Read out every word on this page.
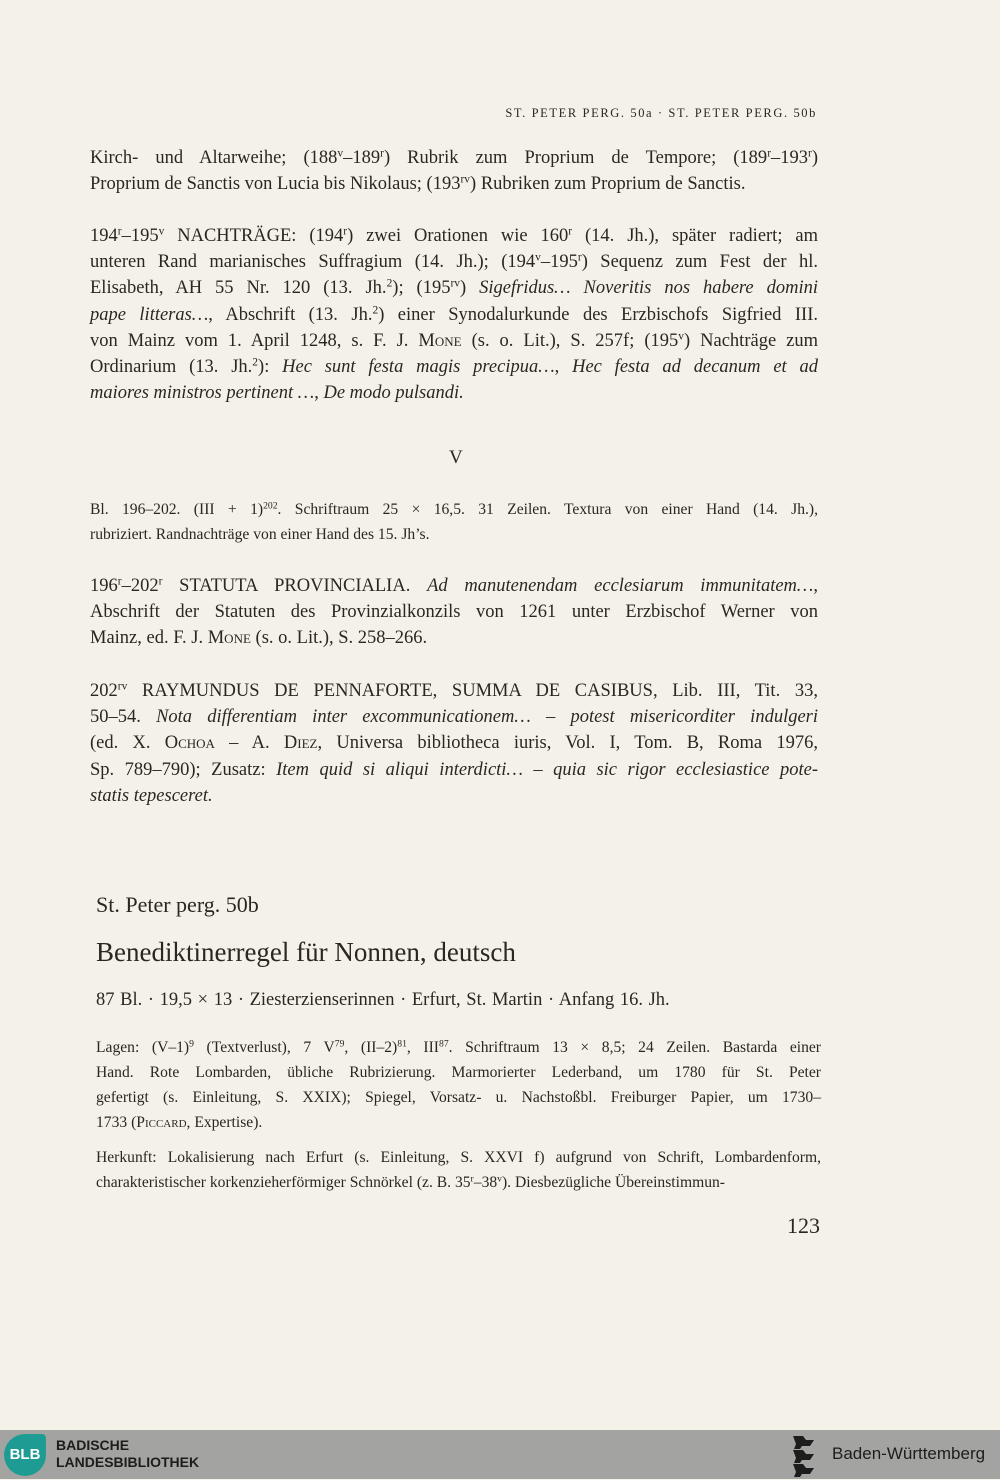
ST. PETER PERG. 50a · ST. PETER PERG. 50b
Kirch- und Altarweihe; (188$^v$–189$^r$) Rubrik zum Proprium de Tempore; (189$^r$–193$^r$)
Proprium de Sanctis von Lucia bis Nikolaus; $(193^{rv})$ Rubriken zum Proprium de Sanctis.
194$^r$–195$^v$ NACHTRÄGE: (194$^r$) zwei Orationen wie 160$^r$ (14. Jh.), später radiert; am
unteren Rand marianisches Suffragium (14. Jh.); (194$^v$–195$^r$) Sequenz zum Fest der hl.
Elisabeth, AH 55 Nr. 120 (13. Jh.$^2$); $(195^{rv})$ Sigefridus… Noveritis nos habere domini
pape litteras…, Abschrift (13. Jh.$^2$) einer Synodalurkunde des Erzbischofs Sigfried III.
von Mainz vom 1. April 1248, s. F. J. Mone (s. o. Lit.), S. 257f; (195$^v$) Nachträge zum
Ordinarium (13. Jh.$^2$): Hec sunt festa magis precipua…, Hec festa ad decanum et ad
maiores ministros pertinent …, De modo pulsandi.
V
Bl. 196–202. (III + 1)$^{202}$. Schriftraum 25 × 16,5. 31 Zeilen. Textura von einer Hand (14. Jh.),
rubriziert. Randnachträge von einer Hand des 15. Jh’s.
196$^r$–202$^r$ STATUTA PROVINCIALIA. Ad manutenendam ecclesiarum immunitatem…,
Abschrift der Statuten des Provinzialkonzils von 1261 unter Erzbischof Werner von
Mainz, ed. F. J. Mone (s. o. Lit.), S. 258–266.
$202^{rv}$ RAYMUNDUS DE PENNAFORTE, SUMMA DE CASIBUS, Lib. III, Tit. 33,
50–54. Nota differentiam inter excommunicationem… – potest misericorditer indulgeri
(ed. X. Ochoa – A. Diez, Universa bibliotheca iuris, Vol. I, Tom. B, Roma 1976,
Sp. 789–790); Zusatz: Item quid si aliqui interdicti… – quia sic rigor ecclesiastice pote-
statis tepesceret.
St. Peter perg. 50b
Benediktinerregel für Nonnen, deutsch
87 Bl. · 19,5 × 13 · Ziesterzienserinnen · Erfurt, St. Martin · Anfang 16. Jh.
Lagen: $(V-1)^9$ (Textverlust), 7 $V^{79}$, $(II-2)^{81}$, III$^{87}$. Schriftraum 13 × 8,5; 24 Zeilen. Bastarda einer
Hand. Rote Lombarden, übliche Rubrizierung. Marmorierter Lederband, um 1780 für St. Peter
gefertigt (s. Einleitung, S. XXIX); Spiegel, Vorsatz- u. Nachstoßbl. Freiburger Papier, um 1730–
1733 (Piccard, Expertise).
Herkunft: Lokalisierung nach Erfurt (s. Einleitung, S. XXVI f) aufgrund von Schrift, Lombardenform,
charakteristischer korkenzieherförmiger Schnörkel (z. B. 35$^r$–38$^v$). Diesbezügliche Übereinstimmun-
123
BLB
BADISCHE
LANDESBIBLIOTHEK	Baden-Württemberg
